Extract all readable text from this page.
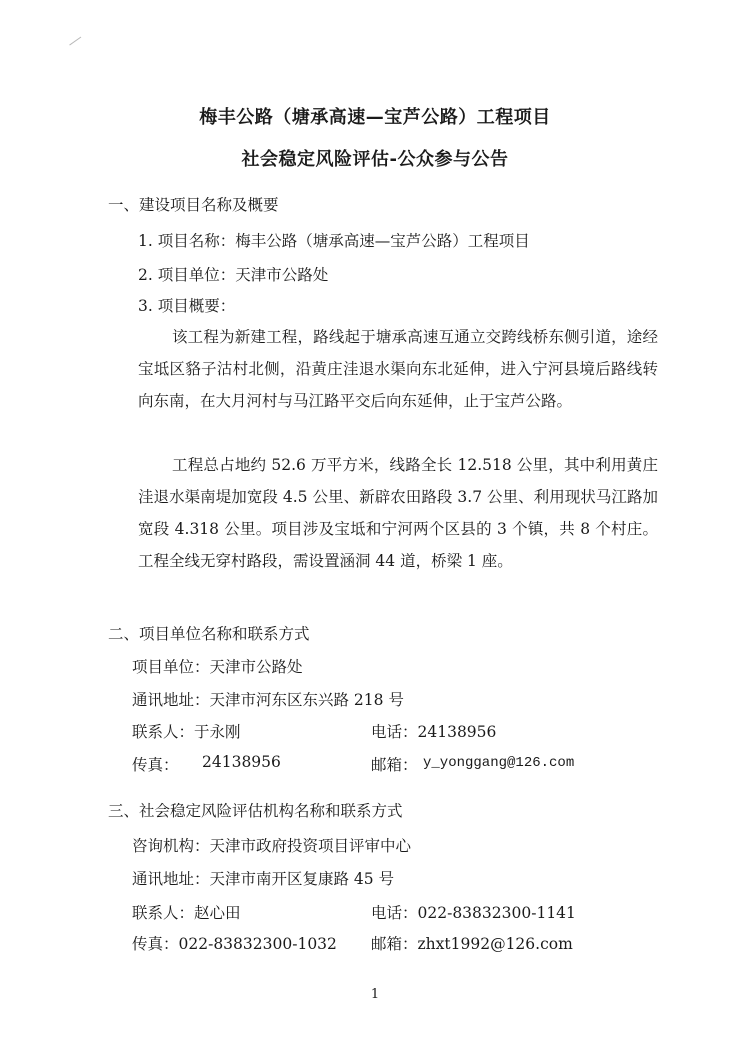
梅丰公路（塘承高速—宝芦公路）工程项目
社会稳定风险评估-公众参与公告
一、建设项目名称及概要
1. 项目名称：梅丰公路（塘承高速—宝芦公路）工程项目
2. 项目单位：天津市公路处
3. 项目概要：
该工程为新建工程，路线起于塘承高速互通立交跨线桥东侧引道，途经宝坻区貉子沽村北侧，沿黄庄洼退水渠向东北延伸，进入宁河县境后路线转向东南，在大月河村与马江路平交后向东延伸，止于宝芦公路。
工程总占地约 52.6 万平方米，线路全长 12.518 公里，其中利用黄庄洼退水渠南堤加宽段 4.5 公里、新辟农田路段 3.7 公里、利用现状马江路加宽段 4.318 公里。项目涉及宝坻和宁河两个区县的 3 个镇，共 8 个村庄。工程全线无穿村路段，需设置涵洞 44 道，桥梁 1 座。
二、项目单位名称和联系方式
项目单位：天津市公路处
通讯地址：天津市河东区东兴路 218 号
联系人：于永刚	电话：24138956
传真： 24138956	邮箱： y_yonggang@126.com
三、社会稳定风险评估机构名称和联系方式
咨询机构：天津市政府投资项目评审中心
通讯地址：天津市南开区复康路 45 号
联系人：赵心田	电话：022-83832300-1141
传真：022-83832300-1032 邮箱：zhxt1992@126.com
1
